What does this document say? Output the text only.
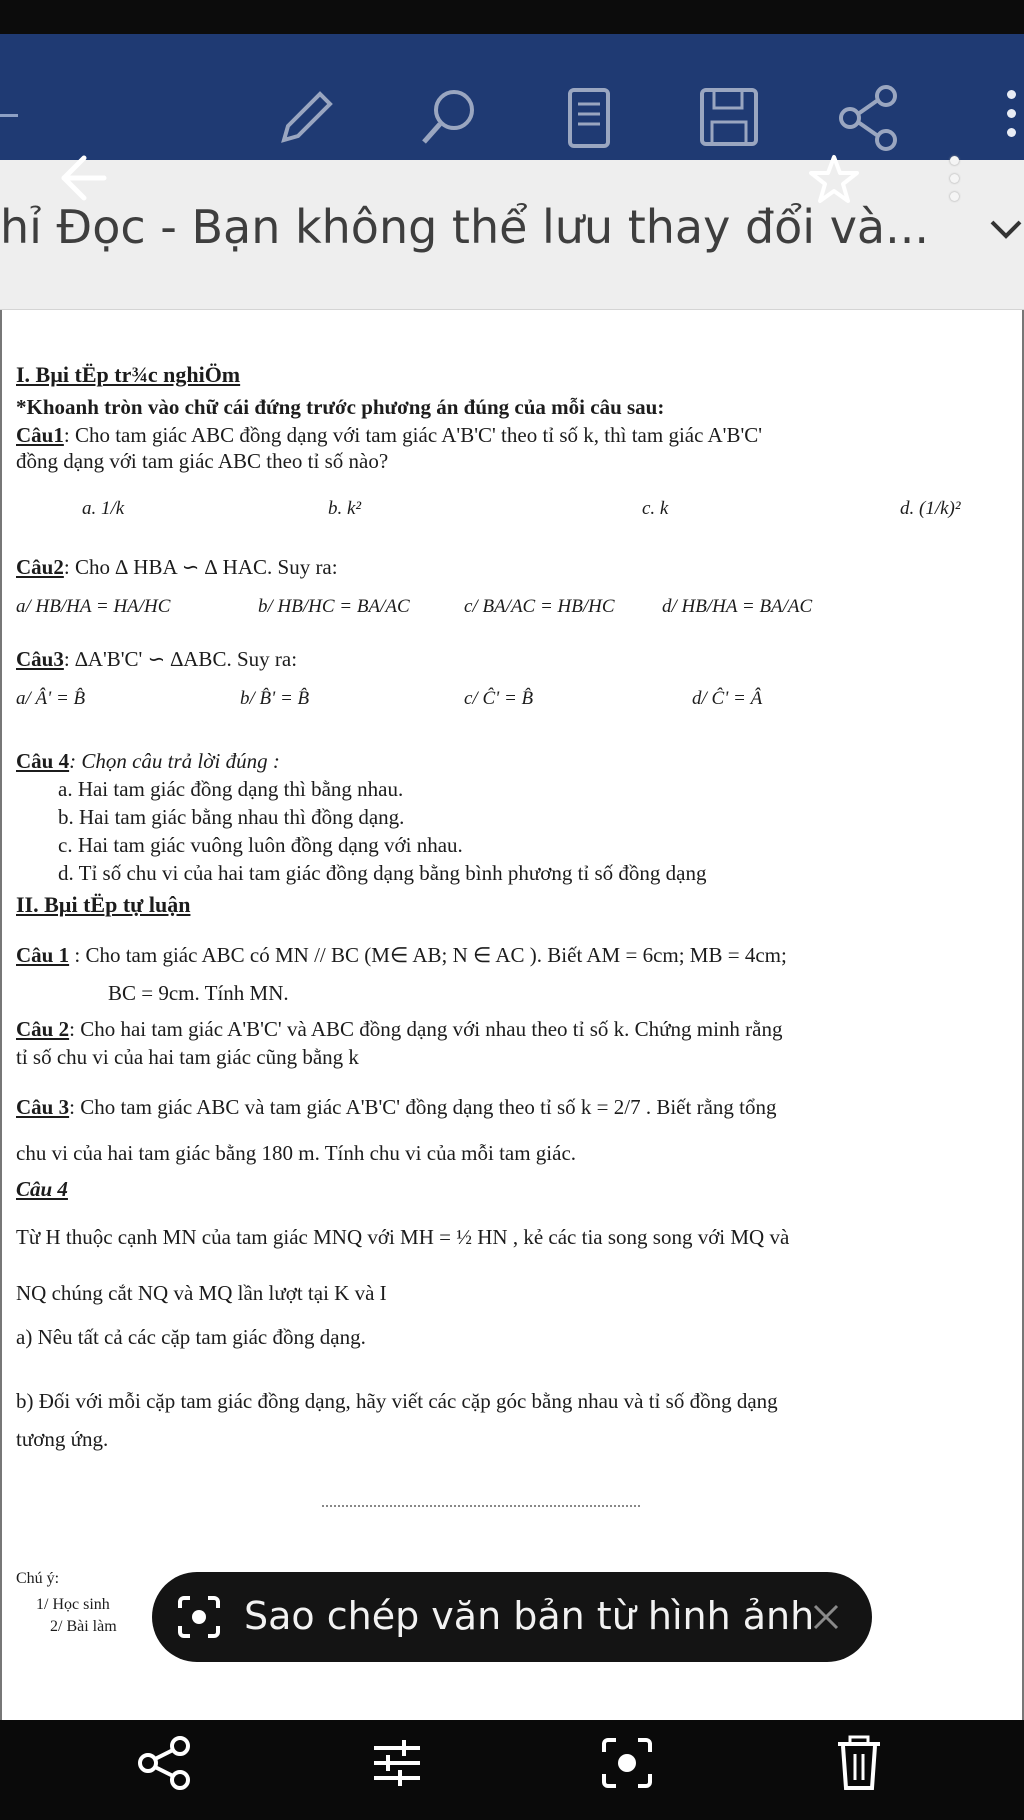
hỉ Đọc - Bạn không thể lưu thay đổi và...
I. Bµi tËp tr¾c nghiÖm
*Khoanh tròn vào chữ cái đứng trước phương án đúng của mỗi câu sau:
Câu1: Cho tam giác ABC đồng dạng với tam giác A'B'C' theo tỉ số k, thì tam giác A'B'C'
đồng dạng với tam giác ABC theo tỉ số nào?
a. 1/k	b. k²	c. k	d. (1/k)²
Câu2: Cho ∆ HBA ∽ ∆ HAC. Suy ra:
a/ HB/HA = HA/HC	b/ HB/HC = BA/AC	c/ BA/AC = HB/HC d/ HB/HA = BA/AC
Câu3: ∆A'B'C' ∽ ∆ABC. Suy ra:
a/ Â' = B̂	b/ B̂' = B̂	c/ Ĉ' = B̂	d/ Ĉ' = Â
Câu 4: Chọn câu trả lời đúng :
a. Hai tam giác đồng dạng thì bằng nhau.
b. Hai tam giác bằng nhau thì đồng dạng.
c. Hai tam giác vuông luôn đồng dạng với nhau.
d. Tỉ số chu vi của hai tam giác đồng dạng bằng bình phương tỉ số đồng dạng
II. Bµi tËp tự luận
Câu 1 : Cho tam giác ABC có MN // BC (M∈ AB; N ∈ AC ). Biết AM = 6cm; MB = 4cm;
BC = 9cm. Tính MN.
Câu 2: Cho hai tam giác A'B'C' và ABC đồng dạng với nhau theo tỉ số k. Chứng minh rằng
tỉ số chu vi của hai tam giác cũng bằng k
Câu 3: Cho tam giác ABC và tam giác A'B'C' đồng dạng theo tỉ số k = 2/7 . Biết rằng tổng
chu vi của hai tam giác bằng 180 m. Tính chu vi của mỗi tam giác.
Câu 4
Từ H thuộc cạnh MN của tam giác MNQ với MH = ½ HN , kẻ các tia song song với MQ và
NQ chúng cắt NQ và MQ lần lượt tại K và I
a) Nêu tất cả các cặp tam giác đồng dạng.
b) Đối với mỗi cặp tam giác đồng dạng, hãy viết các cặp góc bằng nhau và tỉ số đồng dạng
tương ứng.
Chú ý:
1/ Học sinh
2/ Bài làm	Sao chép văn bản từ hình ảnh
